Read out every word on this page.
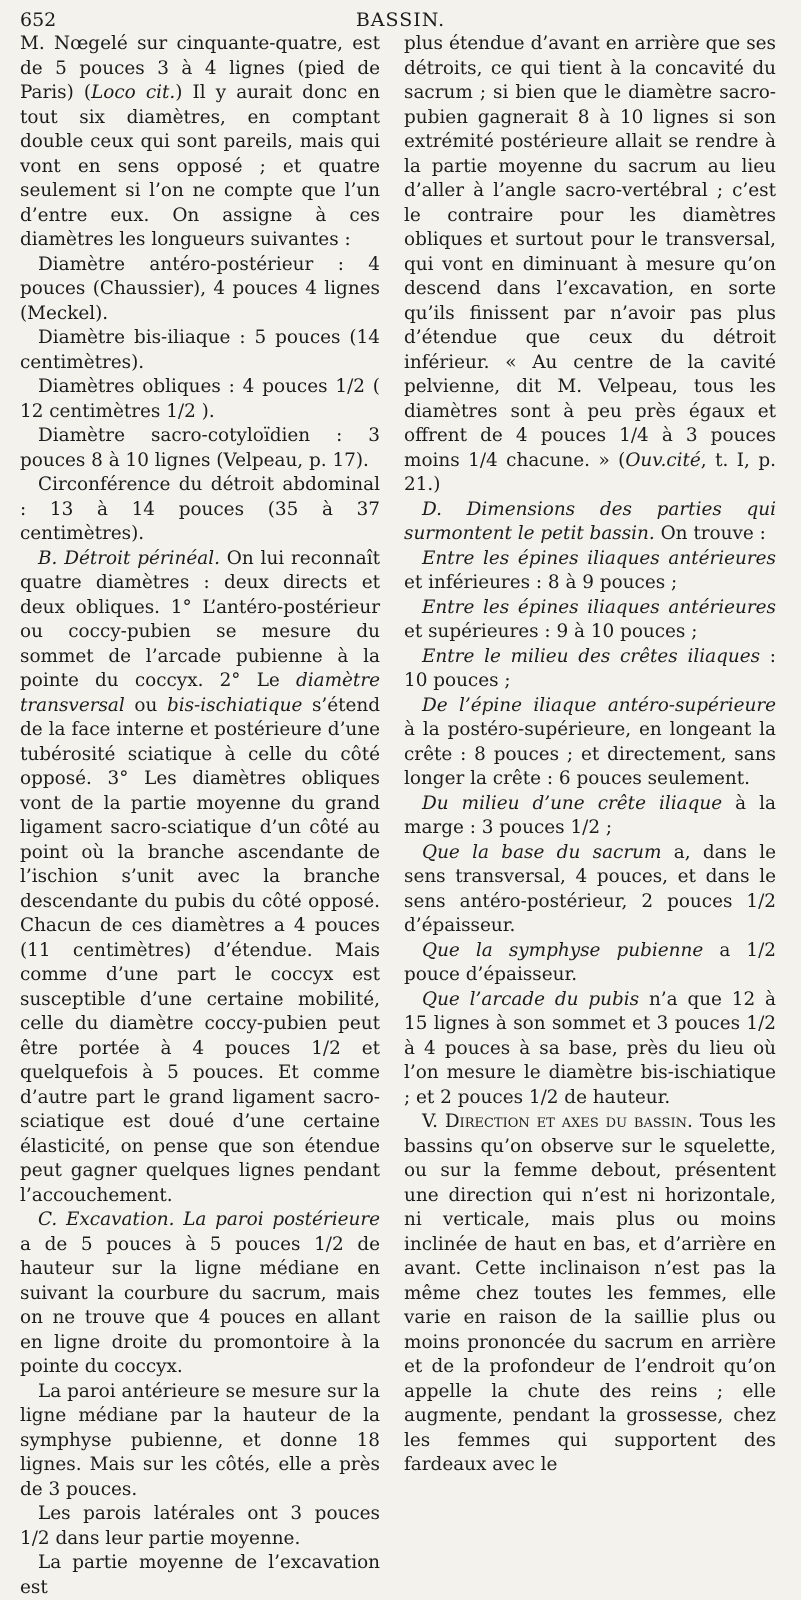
652	BASSIN.

M. Nœgelé sur cinquante-quatre, est de 5 pouces 3 à 4 lignes (pied de Paris) (Loco cit.) Il y aurait donc en tout six diamètres, en comptant double ceux qui sont pareils, mais qui vont en sens opposé ; et quatre seulement si l’on ne compte que l’un d’entre eux. On assigne à ces diamètres les longueurs suivantes :

Diamètre antéro-postérieur : 4 pouces (Chaussier), 4 pouces 4 lignes (Meckel).

Diamètre bis-iliaque : 5 pouces (14 centimètres).

Diamètres obliques : 4 pouces 1/2 ( 12 centimètres 1/2 ).

Diamètre sacro-cotyloïdien : 3 pouces 8 à 10 lignes (Velpeau, p. 17).

Circonférence du détroit abdominal : 13 à 14 pouces (35 à 37 centimètres).

B. Détroit périnéal. On lui reconnaît quatre diamètres : deux directs et deux obliques. 1° L’antéro-postérieur ou coccy-pubien se mesure du sommet de l’arcade pubienne à la pointe du coccyx. 2° Le diamètre transversal ou bis-ischiatique s’étend de la face interne et postérieure d’une tubérosité sciatique à celle du côté opposé. 3° Les diamètres obliques vont de la partie moyenne du grand ligament sacro-sciatique d’un côté au point où la branche ascendante de l’ischion s’unit avec la branche descendante du pubis du côté opposé. Chacun de ces diamètres a 4 pouces (11 centimètres) d’étendue. Mais comme d’une part le coccyx est susceptible d’une certaine mobilité, celle du diamètre coccy-pubien peut être portée à 4 pouces 1/2 et quelquefois à 5 pouces. Et comme d’autre part le grand ligament sacro-sciatique est doué d’une certaine élasticité, on pense que son étendue peut gagner quelques lignes pendant l’accouchement.

C. Excavation. La paroi postérieure a de 5 pouces à 5 pouces 1/2 de hauteur sur la ligne médiane en suivant la courbure du sacrum, mais on ne trouve que 4 pouces en allant en ligne droite du promontoire à la pointe du coccyx.

La paroi antérieure se mesure sur la ligne médiane par la hauteur de la symphyse pubienne, et donne 18 lignes. Mais sur les côtés, elle a près de 3 pouces.

Les parois latérales ont 3 pouces 1/2 dans leur partie moyenne.

La partie moyenne de l’excavation est

plus étendue d’avant en arrière que ses détroits, ce qui tient à la concavité du sacrum ; si bien que le diamètre sacro-pubien gagnerait 8 à 10 lignes si son extrémité postérieure allait se rendre à la partie moyenne du sacrum au lieu d’aller à l’angle sacro-vertébral ; c’est le contraire pour les diamètres obliques et surtout pour le transversal, qui vont en diminuant à mesure qu’on descend dans l’excavation, en sorte qu’ils finissent par n’avoir pas plus d’étendue que ceux du détroit inférieur. « Au centre de la cavité pelvienne, dit M. Velpeau, tous les diamètres sont à peu près égaux et offrent de 4 pouces 1/4 à 3 pouces moins 1/4 chacune. » (Ouv.cité, t. I, p. 21.)

D. Dimensions des parties qui surmontent le petit bassin. On trouve :

Entre les épines iliaques antérieures et inférieures : 8 à 9 pouces ;

Entre les épines iliaques antérieures et supérieures : 9 à 10 pouces ;

Entre le milieu des crêtes iliaques : 10 pouces ;

De l’épine iliaque antéro-supérieure à la postéro-supérieure, en longeant la crête : 8 pouces ; et directement, sans longer la crête : 6 pouces seulement.

Du milieu d’une crête iliaque à la marge : 3 pouces 1/2 ;

Que la base du sacrum a, dans le sens transversal, 4 pouces, et dans le sens antéro-postérieur, 2 pouces 1/2 d’épaisseur.

Que la symphyse pubienne a 1/2 pouce d’épaisseur.

Que l’arcade du pubis n’a que 12 à 15 lignes à son sommet et 3 pouces 1/2 à 4 pouces à sa base, près du lieu où l’on mesure le diamètre bis-ischiatique ; et 2 pouces 1/2 de hauteur.

V. Direction et axes du bassin. Tous les bassins qu’on observe sur le squelette, ou sur la femme debout, présentent une direction qui n’est ni horizontale, ni verticale, mais plus ou moins inclinée de haut en bas, et d’arrière en avant. Cette inclinaison n’est pas la même chez toutes les femmes, elle varie en raison de la saillie plus ou moins prononcée du sacrum en arrière et de la profondeur de l’endroit qu’on appelle la chute des reins ; elle augmente, pendant la grossesse, chez les femmes qui supportent des fardeaux avec le
